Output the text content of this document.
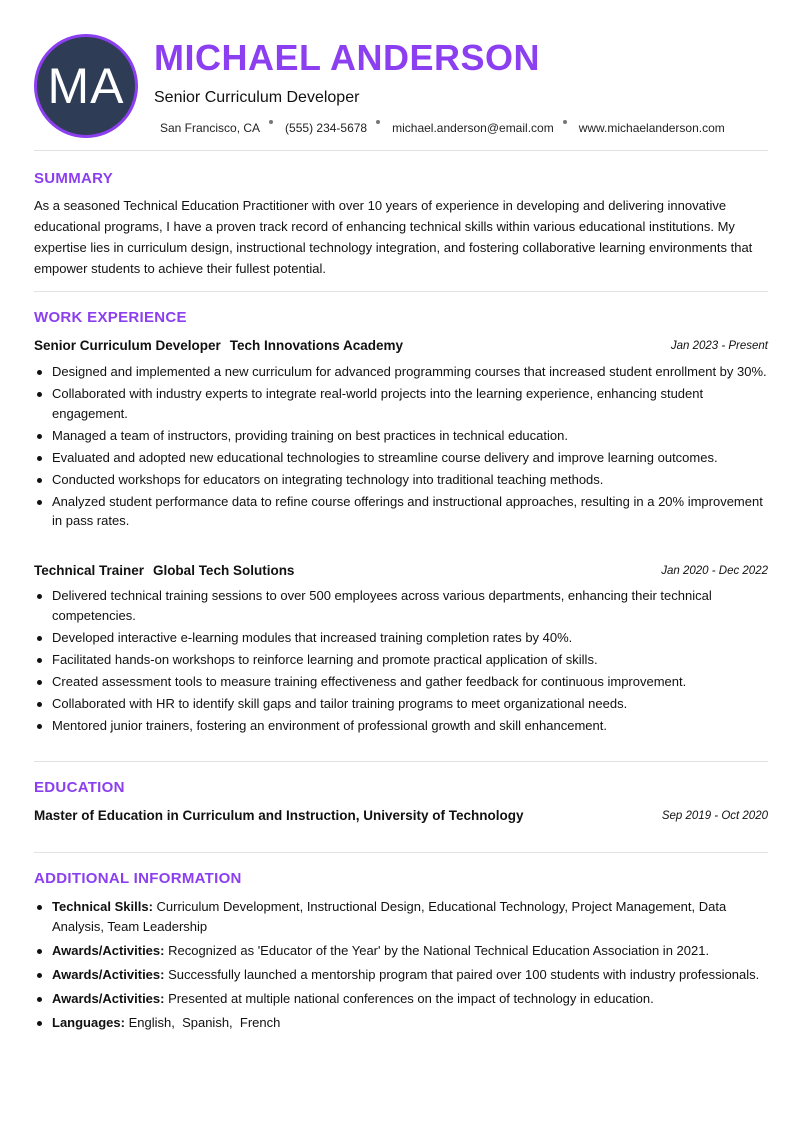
MA
MICHAEL ANDERSON
Senior Curriculum Developer
San Francisco, CA (555) 234-5678 michael.anderson@email.com www.michaelanderson.com
SUMMARY

As a seasoned Technical Education Practitioner with over 10 years of experience in developing and delivering innovative educational programs, I have a proven track record of enhancing technical skills within various educational institutions. My expertise lies in curriculum design, instructional technology integration, and fostering collaborative learning environments that empower students to achieve their fullest potential.

WORK EXPERIENCE
Senior Curriculum Developer Tech Innovations Academy	Jan 2023 - Present
Designed and implemented a new curriculum for advanced programming courses that increased student enrollment by 30%.
Collaborated with industry experts to integrate real-world projects into the learning experience, enhancing student engagement.
Managed a team of instructors, providing training on best practices in technical education.
Evaluated and adopted new educational technologies to streamline course delivery and improve learning outcomes.
Conducted workshops for educators on integrating technology into traditional teaching methods.
Analyzed student performance data to refine course offerings and instructional approaches, resulting in a 20% improvement in pass rates.
Technical Trainer Global Tech Solutions	Jan 2020 - Dec 2022
Delivered technical training sessions to over 500 employees across various departments, enhancing their technical competencies.
Developed interactive e-learning modules that increased training completion rates by 40%.
Facilitated hands-on workshops to reinforce learning and promote practical application of skills.
Created assessment tools to measure training effectiveness and gather feedback for continuous improvement.
Collaborated with HR to identify skill gaps and tailor training programs to meet organizational needs.
Mentored junior trainers, fostering an environment of professional growth and skill enhancement.
EDUCATION
Master of Education in Curriculum and Instruction, University of Technology	Sep 2019 - Oct 2020
ADDITIONAL INFORMATION
Technical Skills: Curriculum Development, Instructional Design, Educational Technology, Project Management, Data Analysis, Team Leadership
Awards/Activities: Recognized as 'Educator of the Year' by the National Technical Education Association in 2021.
Awards/Activities: Successfully launched a mentorship program that paired over 100 students with industry professionals.
Awards/Activities: Presented at multiple national conferences on the impact of technology in education.
Languages: English,  Spanish,  French
